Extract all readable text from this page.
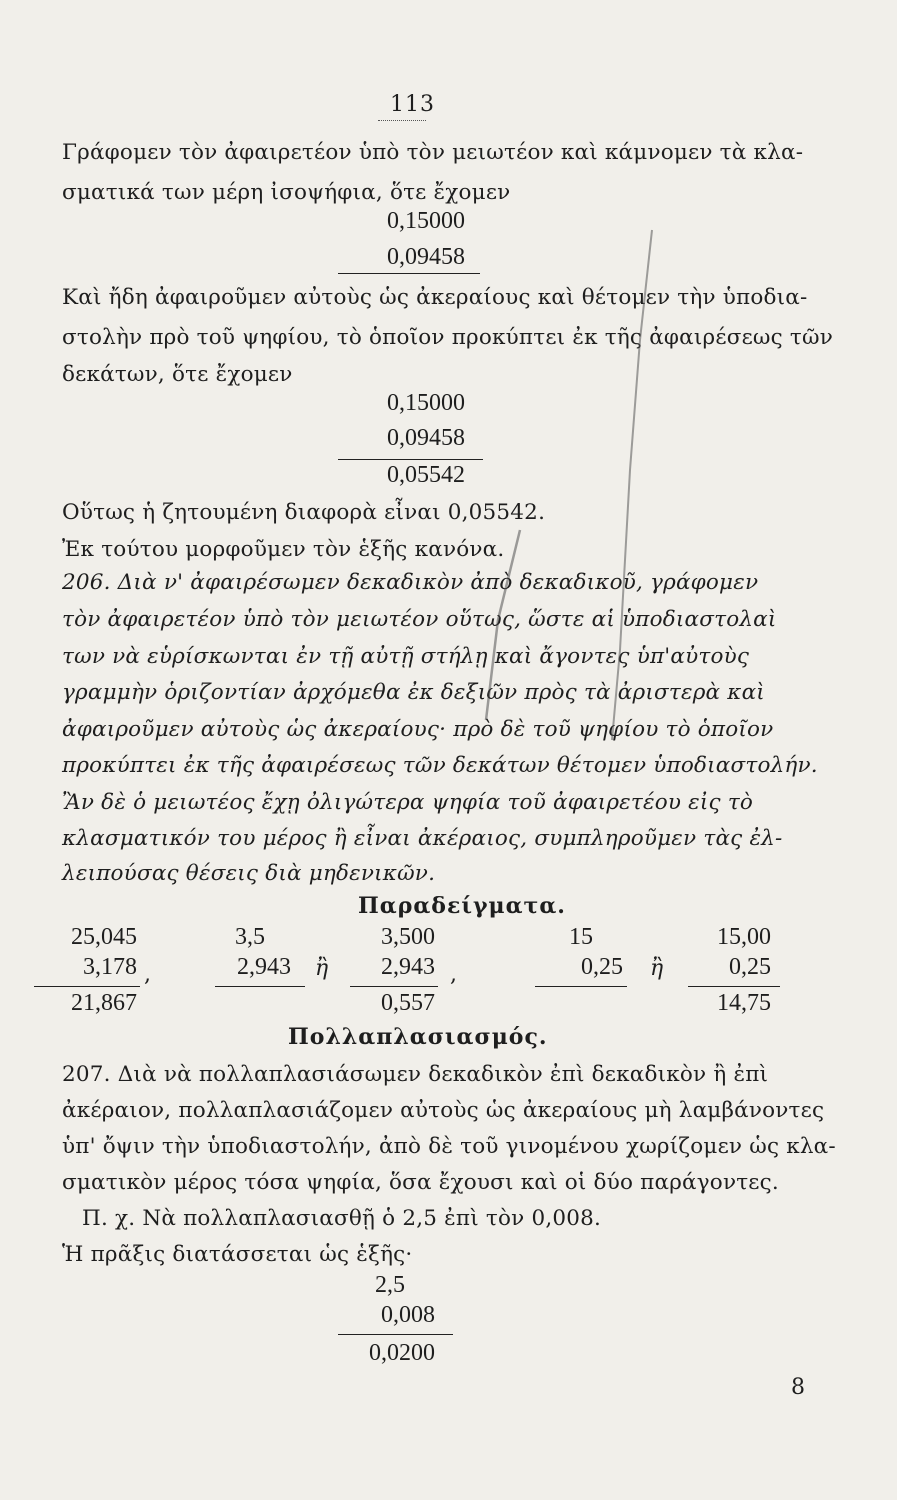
113
Γράφομεν τὸν ἀφαιρετέον ὑπὸ τὸν μειωτέον καὶ κάμνομεν τὰ κλα-
σματικά των μέρη ἰσοψήφια, ὅτε ἔχομεν
0,15000
0,09458
Καὶ ἤδη ἀφαιροῦμεν αὐτοὺς ὡς ἀκεραίους καὶ θέτομεν τὴν ὑποδια-
στολὴν πρὸ τοῦ ψηφίου, τὸ ὁποῖον προκύπτει ἐκ τῆς ἀφαιρέσεως τῶν
δεκάτων, ὅτε ἔχομεν
0,15000
0,09458
0,05542
Οὕτως ἡ ζητουμένη διαφορὰ εἶναι 0,05542.
Ἐκ τούτου μορφοῦμεν τὸν ἑξῆς κανόνα.
206. Διὰ ν' ἀφαιρέσωμεν δεκαδικὸν ἀπὸ δεκαδικοῦ, γράφομεν
τὸν ἀφαιρετέον ὑπὸ τὸν μειωτέον οὕτως, ὥστε αἱ ὑποδιαστολαὶ
των νὰ εὑρίσκωνται ἐν τῇ αὐτῇ στήλῃ καὶ ἄγοντες ὑπ'αὐτοὺς
γραμμὴν ὁριζοντίαν ἀρχόμεθα ἐκ δεξιῶν πρὸς τὰ ἀριστερὰ καὶ
ἀφαιροῦμεν αὐτοὺς ὡς ἀκεραίους· πρὸ δὲ τοῦ ψηφίου τὸ ὁποῖον
προκύπτει ἐκ τῆς ἀφαιρέσεως τῶν δεκάτων θέτομεν ὑποδιαστολήν.
Ἂν δὲ ὁ μειωτέος ἔχῃ ὀλιγώτερα ψηφία τοῦ ἀφαιρετέου εἰς τὸ
κλασματικόν του μέρος ἢ εἶναι ἀκέραιος, συμπληροῦμεν τὰς ἐλ-
λειπούσας θέσεις διὰ μηδενικῶν.
Παραδείγματα.
25,045
3,178
21,867
,
3,5
2,943 ἢ
3,500
2,943
0,557
,
15
0,25 ἢ
15,00
0,25
14,75
Πολλαπλασιασμός.
207. Διὰ νὰ πολλαπλασιάσωμεν δεκαδικὸν ἐπὶ δεκαδικὸν ἢ ἐπὶ
ἀκέραιον, πολλαπλασιάζομεν αὐτοὺς ὡς ἀκεραίους μὴ λαμβάνοντες
ὑπ' ὄψιν τὴν ὑποδιαστολήν, ἀπὸ δὲ τοῦ γινομένου χωρίζομεν ὡς κλα-
σματικὸν μέρος τόσα ψηφία, ὅσα ἔχουσι καὶ οἱ δύο παράγοντες.
Π. χ. Νὰ πολλαπλασιασθῇ ὁ 2,5 ἐπὶ τὸν 0,008.
Ἡ πρᾶξις διατάσσεται ὡς ἑξῆς·
2,5
0,008
0,0200
8
